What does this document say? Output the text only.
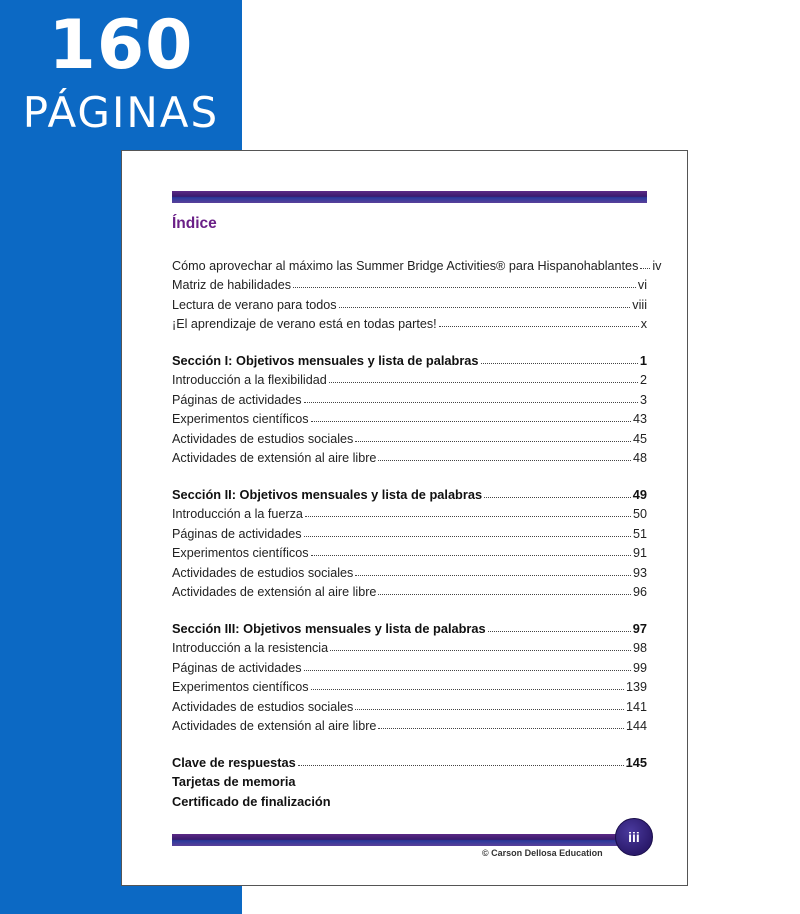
160
PÁGINAS
Índice
Cómo aprovechar al máximo las Summer Bridge Activities® para Hispanohablantes iv
Matriz de habilidades	vi
Lectura de verano para todos	viii
¡El aprendizaje de verano está en todas partes!	x
Sección I: Objetivos mensuales y lista de palabras	1
Introducción a la flexibilidad	2
Páginas de actividades	3
Experimentos científicos	43
Actividades de estudios sociales	45
Actividades de extensión al aire libre	48
Sección II: Objetivos mensuales y lista de palabras	49
Introducción a la fuerza	50
Páginas de actividades	51
Experimentos científicos	91
Actividades de estudios sociales	93
Actividades de extensión al aire libre	96
Sección III: Objetivos mensuales y lista de palabras	97
Introducción a la resistencia	98
Páginas de actividades	99
Experimentos científicos	139
Actividades de estudios sociales	141
Actividades de extensión al aire libre	144
Clave de respuestas	145
Tarjetas de memoria
Certificado de finalización
iii
© Carson Dellosa Education
